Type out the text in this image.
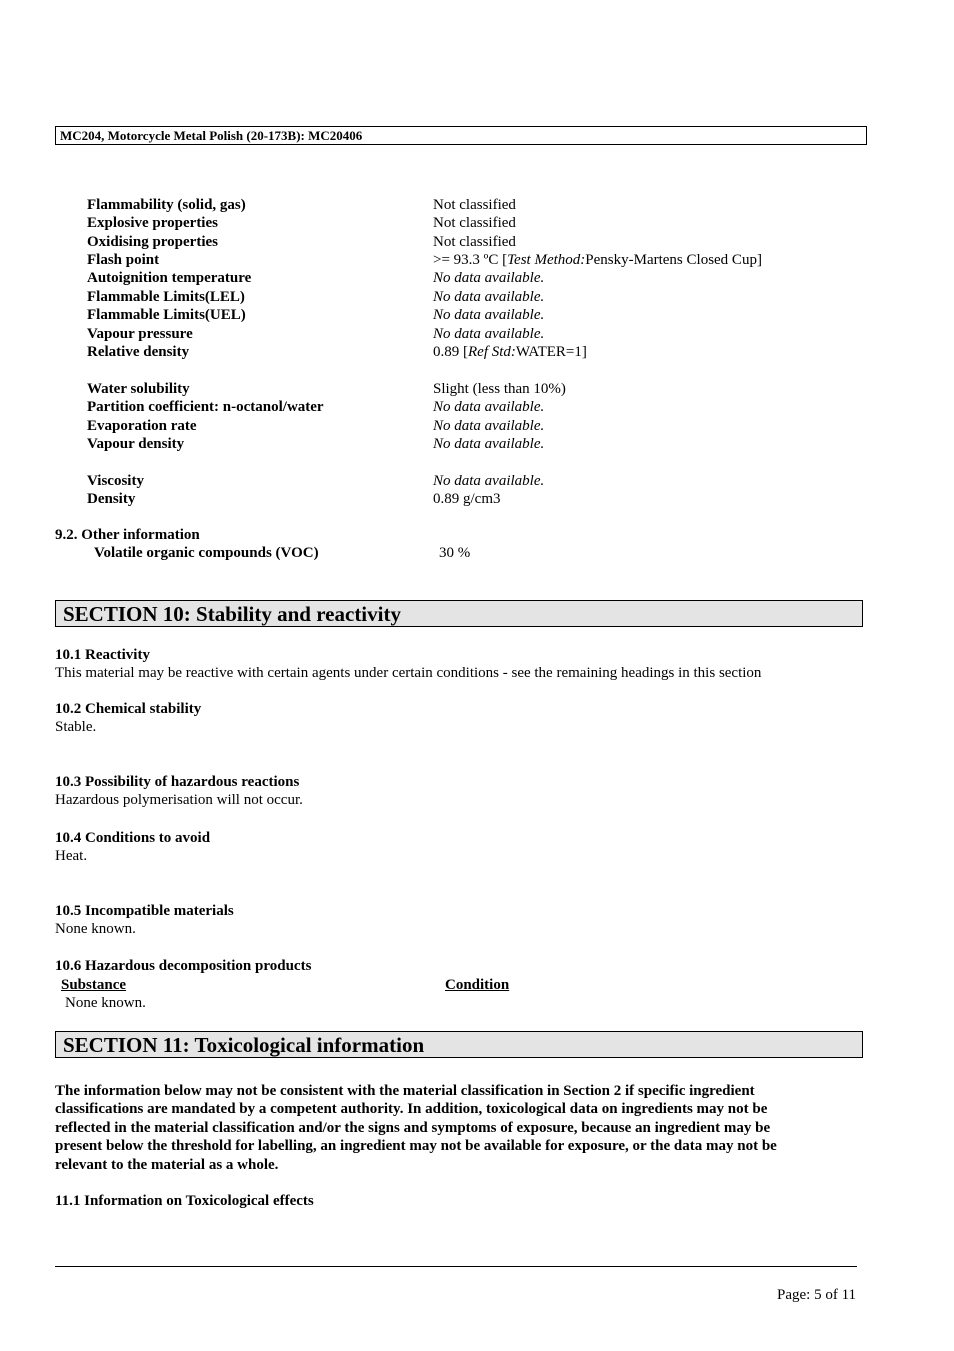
MC204, Motorcycle Metal Polish (20-173B): MC20406
Flammability (solid, gas)	Not classified
Explosive properties	Not classified
Oxidising properties	Not classified
Flash point	>= 93.3 ºC [Test Method:Pensky-Martens Closed Cup]
Autoignition temperature	No data available.
Flammable Limits(LEL)	No data available.
Flammable Limits(UEL)	No data available.
Vapour pressure	No data available.
Relative density	0.89 [Ref Std:WATER=1]
Water solubility	Slight (less than 10%)
Partition coefficient: n-octanol/water	No data available.
Evaporation rate	No data available.
Vapour density	No data available.
Viscosity	No data available.
Density	0.89 g/cm3
9.2. Other information
Volatile organic compounds (VOC)	30 %
SECTION 10: Stability and reactivity
10.1 Reactivity
This material may be reactive with certain agents under certain conditions - see the remaining headings in this section
10.2 Chemical stability
Stable.
10.3 Possibility of hazardous reactions
Hazardous polymerisation will not occur.
10.4 Conditions to avoid
Heat.
10.5 Incompatible materials
None known.
10.6 Hazardous decomposition products
Substance	Condition
None known.
SECTION 11: Toxicological information
The information below may not be consistent with the material classification in Section 2 if specific ingredient
classifications are mandated by a competent authority. In addition, toxicological data on ingredients may not be
reflected in the material classification and/or the signs and symptoms of exposure, because an ingredient may be
present below the threshold for labelling, an ingredient may not be available for exposure, or the data may not be
relevant to the material as a whole.
11.1 Information on Toxicological effects
Page: 5 of 11
